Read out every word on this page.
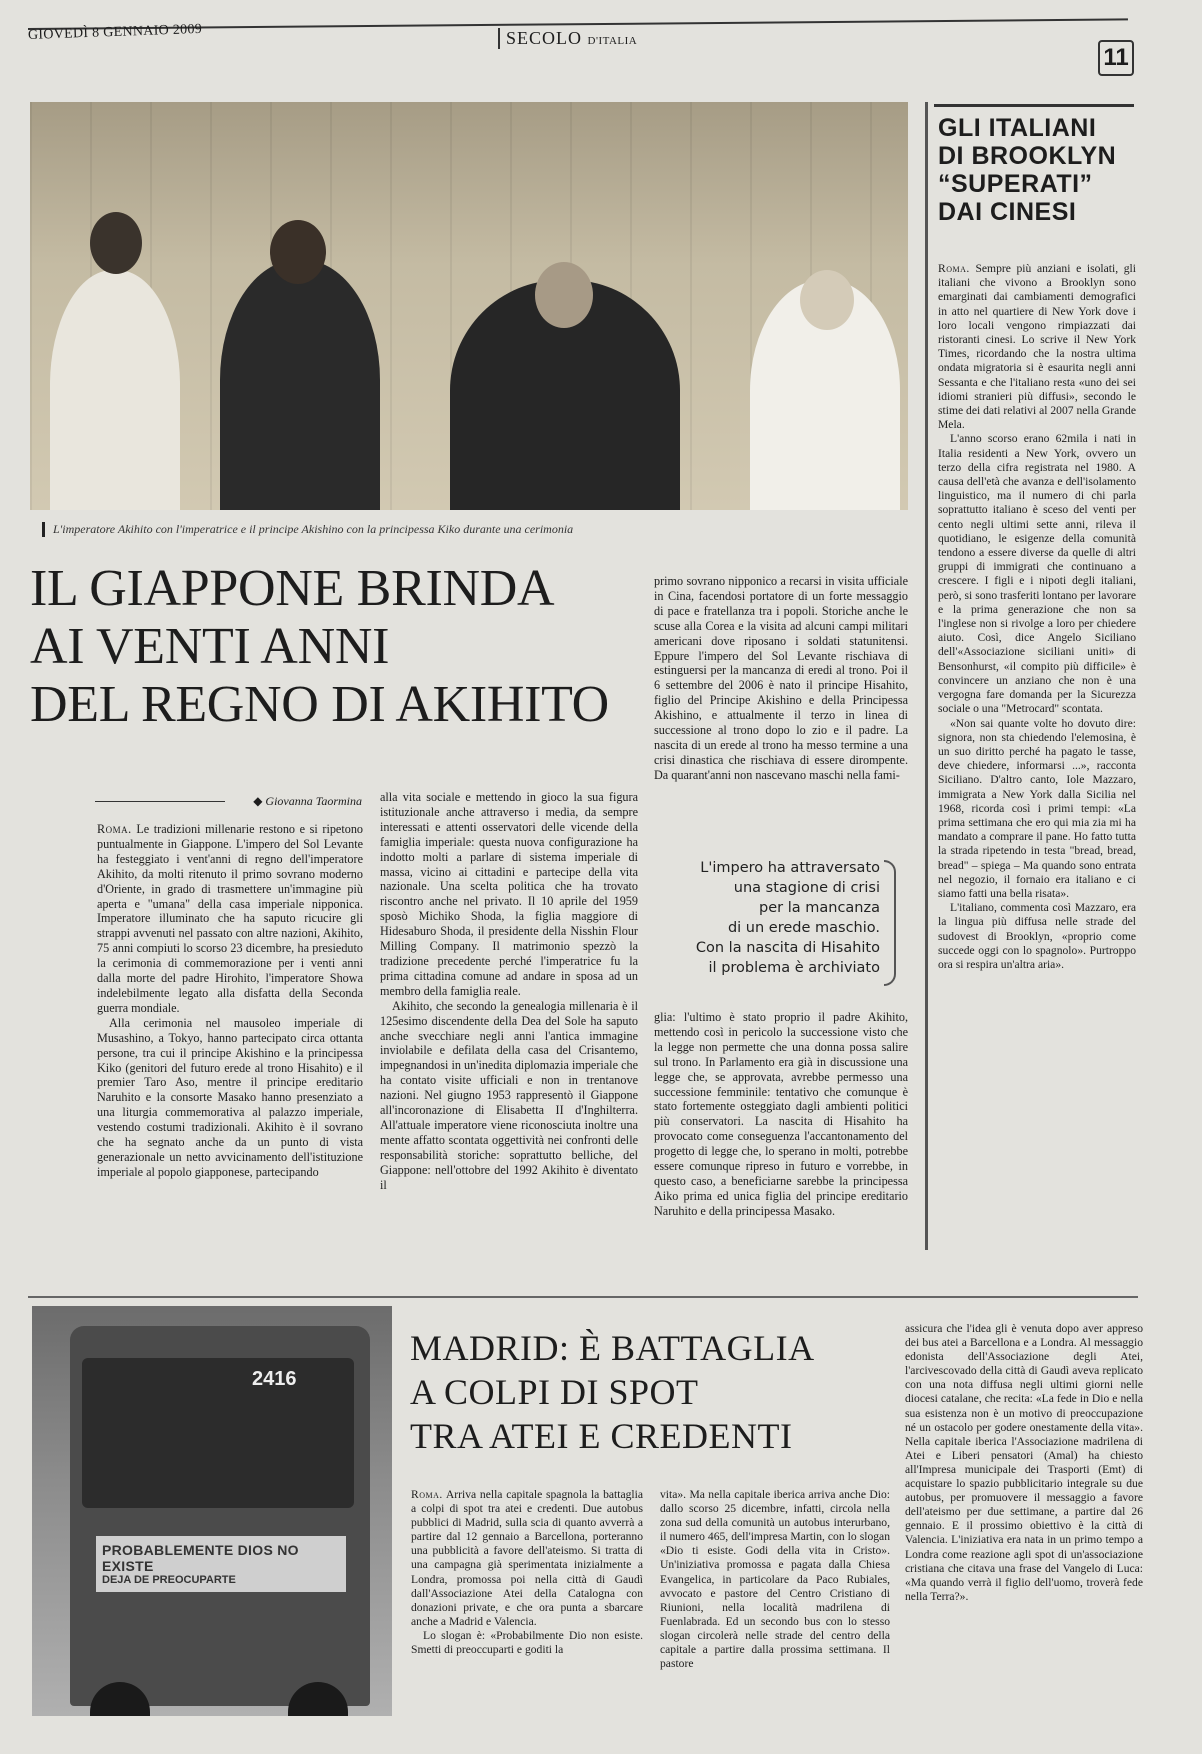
GIOVEDÌ 8 GENNAIO 2009	SECOLO D'ITALIA
11
L'imperatore Akihito con l'imperatrice e il principe Akishino con la principessa Kiko durante una cerimonia
IL GIAPPONE BRINDA
AI VENTI ANNI
DEL REGNO DI AKIHITO
◆ Giovanna Taormina

Roma. Le tradizioni millenarie restono e si ripetono puntualmente in Giappone. L'impero del Sol Levante ha festeggiato i vent'anni di regno dell'imperatore Akihito, da molti ritenuto il primo sovrano moderno d'Oriente, in grado di trasmettere un'immagine più aperta e "umana" della casa imperiale nipponica. Imperatore illuminato che ha saputo ricucire gli strappi avvenuti nel passato con altre nazioni, Akihito, 75 anni compiuti lo scorso 23 dicembre, ha presieduto la cerimonia di commemorazione per i venti anni dalla morte del padre Hirohito, l'imperatore Showa indelebilmente legato alla disfatta della Seconda guerra mondiale.

Alla cerimonia nel mausoleo imperiale di Musashino, a Tokyo, hanno partecipato circa ottanta persone, tra cui il principe Akishino e la principessa Kiko (genitori del futuro erede al trono Hisahito) e il premier Taro Aso, mentre il principe ereditario Naruhito e la consorte Masako hanno presenziato a una liturgia commemorativa al palazzo imperiale, vestendo costumi tradizionali. Akihito è il sovrano che ha segnato anche da un punto di vista generazionale un netto avvicinamento dell'istituzione imperiale al popolo giapponese, partecipando

alla vita sociale e mettendo in gioco la sua figura istituzionale anche attraverso i media, da sempre interessati e attenti osservatori delle vicende della famiglia imperiale: questa nuova configurazione ha indotto molti a parlare di sistema imperiale di massa, vicino ai cittadini e partecipe della vita nazionale. Una scelta politica che ha trovato riscontro anche nel privato. Il 10 aprile del 1959 sposò Michiko Shoda, la figlia maggiore di Hidesaburo Shoda, il presidente della Nisshin Flour Milling Company. Il matrimonio spezzò la tradizione precedente perché l'imperatrice fu la prima cittadina comune ad andare in sposa ad un membro della famiglia reale.

Akihito, che secondo la genealogia millenaria è il 125esimo discendente della Dea del Sole ha saputo anche svecchiare negli anni l'antica immagine inviolabile e defilata della casa del Crisantemo, impegnandosi in un'inedita diplomazia imperiale che ha contato visite ufficiali e non in trentanove nazioni. Nel giugno 1953 rappresentò il Giappone all'incoronazione di Elisabetta II d'Inghilterra. All'attuale imperatore viene riconosciuta inoltre una mente affatto scontata oggettività nei confronti delle responsabilità storiche: soprattutto belliche, del Giappone: nell'ottobre del 1992 Akihito è diventato il

primo sovrano nipponico a recarsi in visita ufficiale in Cina, facendosi portatore di un forte messaggio di pace e fratellanza tra i popoli. Storiche anche le scuse alla Corea e la visita ad alcuni campi militari americani dove riposano i soldati statunitensi. Eppure l'impero del Sol Levante rischiava di estinguersi per la mancanza di eredi al trono. Poi il 6 settembre del 2006 è nato il principe Hisahito, figlio del Principe Akishino e della Principessa Akishino, e attualmente il terzo in linea di successione al trono dopo lo zio e il padre. La nascita di un erede al trono ha messo termine a una crisi dinastica che rischiava di essere dirompente. Da quarant'anni non nascevano maschi nella fami-

L'impero ha attraversato
una stagione di crisi
per la mancanza
di un erede maschio.
Con la nascita di Hisahito
il problema è archiviato

glia: l'ultimo è stato proprio il padre Akihito, mettendo così in pericolo la successione visto che la legge non permette che una donna possa salire sul trono. In Parlamento era già in discussione una legge che, se approvata, avrebbe permesso una successione femminile: tentativo che comunque è stato fortemente osteggiato dagli ambienti politici più conservatori. La nascita di Hisahito ha provocato come conseguenza l'accantonamento del progetto di legge che, lo sperano in molti, potrebbe essere comunque ripreso in futuro e vorrebbe, in questo caso, a beneficiarne sarebbe la principessa Aiko prima ed unica figlia del principe ereditario Naruhito e della principessa Masako.

GLI ITALIANI
DI BROOKLYN
“SUPERATI”
DAI CINESI

Roma. Sempre più anziani e isolati, gli italiani che vivono a Brooklyn sono emarginati dai cambiamenti demografici in atto nel quartiere di New York dove i loro locali vengono rimpiazzati dai ristoranti cinesi. Lo scrive il New York Times, ricordando che la nostra ultima ondata migratoria si è esaurita negli anni Sessanta e che l'italiano resta «uno dei sei idiomi stranieri più diffusi», secondo le stime dei dati relativi al 2007 nella Grande Mela.

L'anno scorso erano 62mila i nati in Italia residenti a New York, ovvero un terzo della cifra registrata nel 1980. A causa dell'età che avanza e dell'isolamento linguistico, ma il numero di chi parla soprattutto italiano è sceso del venti per cento negli ultimi sette anni, rileva il quotidiano, le esigenze della comunità tendono a essere diverse da quelle di altri gruppi di immigrati che continuano a crescere. I figli e i nipoti degli italiani, però, si sono trasferiti lontano per lavorare e la prima generazione che non sa l'inglese non si rivolge a loro per chiedere aiuto. Così, dice Angelo Siciliano dell'«Associazione siciliani uniti» di Bensonhurst, «il compito più difficile» è convincere un anziano che non è una vergogna fare domanda per la Sicurezza sociale o una "Metrocard" scontata.

«Non sai quante volte ho dovuto dire: signora, non sta chiedendo l'elemosina, è un suo diritto perché ha pagato le tasse, deve chiedere, informarsi ...», racconta Siciliano. D'altro canto, Iole Mazzaro, immigrata a New York dalla Sicilia nel 1968, ricorda così i primi tempi: «La prima settimana che ero qui mia zia mi ha mandato a comprare il pane. Ho fatto tutta la strada ripetendo in testa "bread, bread, bread" – spiega – Ma quando sono entrata nel negozio, il fornaio era italiano e ci siamo fatti una bella risata».

L'italiano, commenta così Mazzaro, era la lingua più diffusa nelle strade del sudovest di Brooklyn, «proprio come succede oggi con lo spagnolo». Purtroppo ora si respira un'altra aria».

2416
PROBABLEMENTE DIOS NO EXISTE
DEJA DE PREOCUPARTE
MADRID: È BATTAGLIA
A COLPI DI SPOT
TRA ATEI E CREDENTI

Roma. Arriva nella capitale spagnola la battaglia a colpi di spot tra atei e credenti. Due autobus pubblici di Madrid, sulla scia di quanto avverrà a partire dal 12 gennaio a Barcellona, porteranno una pubblicità a favore dell'ateismo. Si tratta di una campagna già sperimentata inizialmente a Londra, promossa poi nella città di Gaudì dall'Associazione Atei della Catalogna con donazioni private, e che ora punta a sbarcare anche a Madrid e Valencia.

Lo slogan è: «Probabilmente Dio non esiste. Smetti di preoccuparti e goditi la

vita». Ma nella capitale iberica arriva anche Dio: dallo scorso 25 dicembre, infatti, circola nella zona sud della comunità un autobus interurbano, il numero 465, dell'impresa Martin, con lo slogan «Dio ti esiste. Godi della vita in Cristo». Un'iniziativa promossa e pagata dalla Chiesa Evangelica, in particolare da Paco Rubiales, avvocato e pastore del Centro Cristiano di Riunioni, nella località madrilena di Fuenlabrada. Ed un secondo bus con lo stesso slogan circolerà nelle strade del centro della capitale a partire dalla prossima settimana. Il pastore

assicura che l'idea gli è venuta dopo aver appreso dei bus atei a Barcellona e a Londra. Al messaggio edonista dell'Associazione degli Atei, l'arcivescovado della città di Gaudì aveva replicato con una nota diffusa negli ultimi giorni nelle diocesi catalane, che recita: «La fede in Dio e nella sua esistenza non è un motivo di preoccupazione né un ostacolo per godere onestamente della vita». Nella capitale iberica l'Associazione madrilena di Atei e Liberi pensatori (Amal) ha chiesto all'Impresa municipale dei Trasporti (Emt) di acquistare lo spazio pubblicitario integrale su due autobus, per promuovere il messaggio a favore dell'ateismo per due settimane, a partire dal 26 gennaio. E il prossimo obiettivo è la città di Valencia. L'iniziativa era nata in un primo tempo a Londra come reazione agli spot di un'associazione cristiana che citava una frase del Vangelo di Luca: «Ma quando verrà il figlio dell'uomo, troverà fede nella Terra?».
